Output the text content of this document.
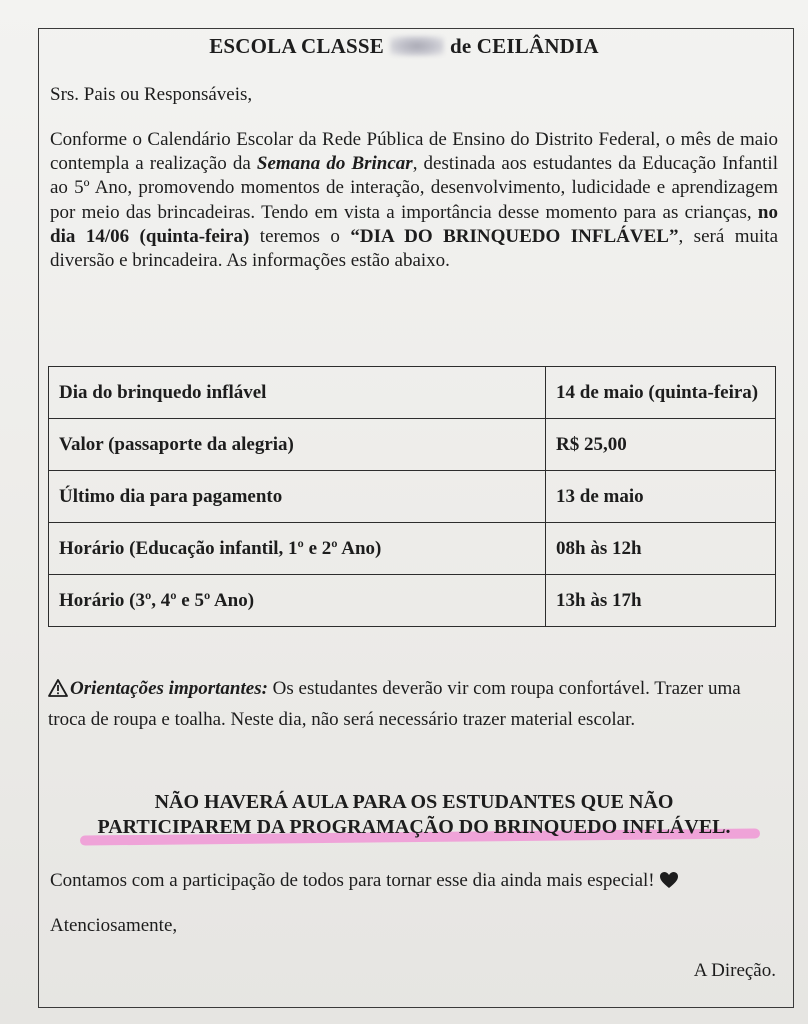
ESCOLA CLASSE	de CEILÂNDIA
Srs. Pais ou Responsáveis,
Conforme o Calendário Escolar da Rede Pública de Ensino do Distrito Federal, o mês de maio contempla a realização da Semana do Brincar, destinada aos estudantes da Educação Infantil ao 5º Ano, promovendo momentos de interação, desenvolvimento, ludicidade e aprendizagem por meio das brincadeiras. Tendo em vista a importância desse momento para as crianças, no dia 14/06 (quinta-feira) teremos o “DIA DO BRINQUEDO INFLÁVEL”, será muita diversão e brincadeira. As informações estão abaixo.
Dia do brinquedo inflável	14 de maio (quinta-feira)
Valor (passaporte da alegria)	R$ 25,00
Último dia para pagamento	13 de maio
Horário (Educação infantil, 1º e 2º Ano)	08h às 12h
Horário (3º, 4º e 5º Ano)	13h às 17h
Orientações importantes: Os estudantes deverão vir com roupa confortável. Trazer uma troca de roupa e toalha. Neste dia, não será necessário trazer material escolar.
NÃO HAVERÁ AULA PARA OS ESTUDANTES QUE NÃO
PARTICIPAREM DA PROGRAMAÇÃO DO BRINQUEDO INFLÁVEL.
Contamos com a participação de todos para tornar esse dia ainda mais especial!
Atenciosamente,
A Direção.
